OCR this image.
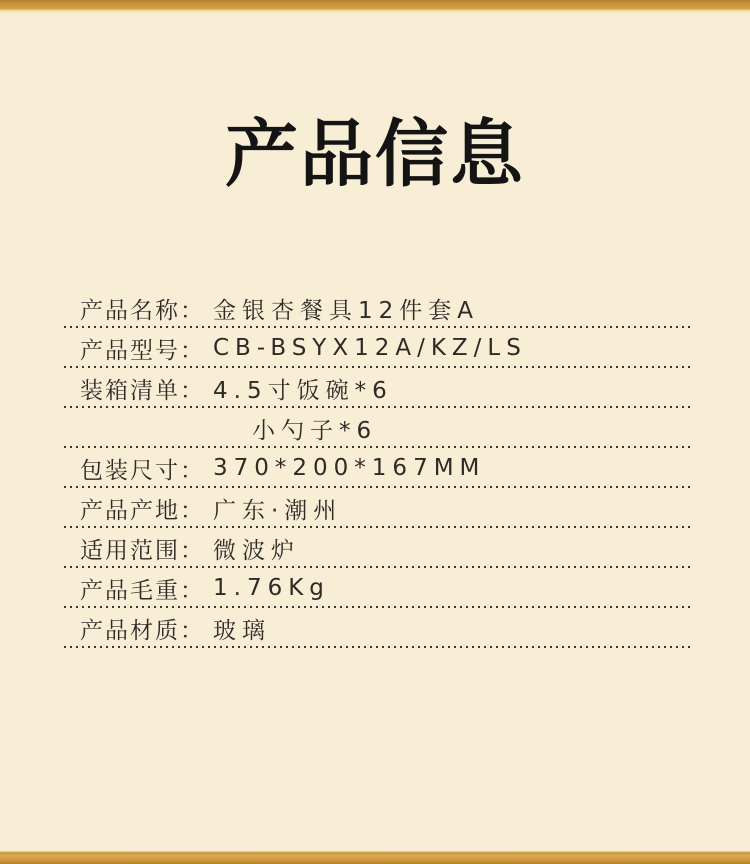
产品信息
产品名称： 金银杏餐具12件套A
产品型号： CB-BSYX12A/KZ/LS
装箱清单： 4.5寸饭碗*6
小勺子*6
包装尺寸： 370*200*167MM
产品产地： 广东·潮州
适用范围： 微波炉
产品毛重： 1.76Kg
产品材质： 玻璃
